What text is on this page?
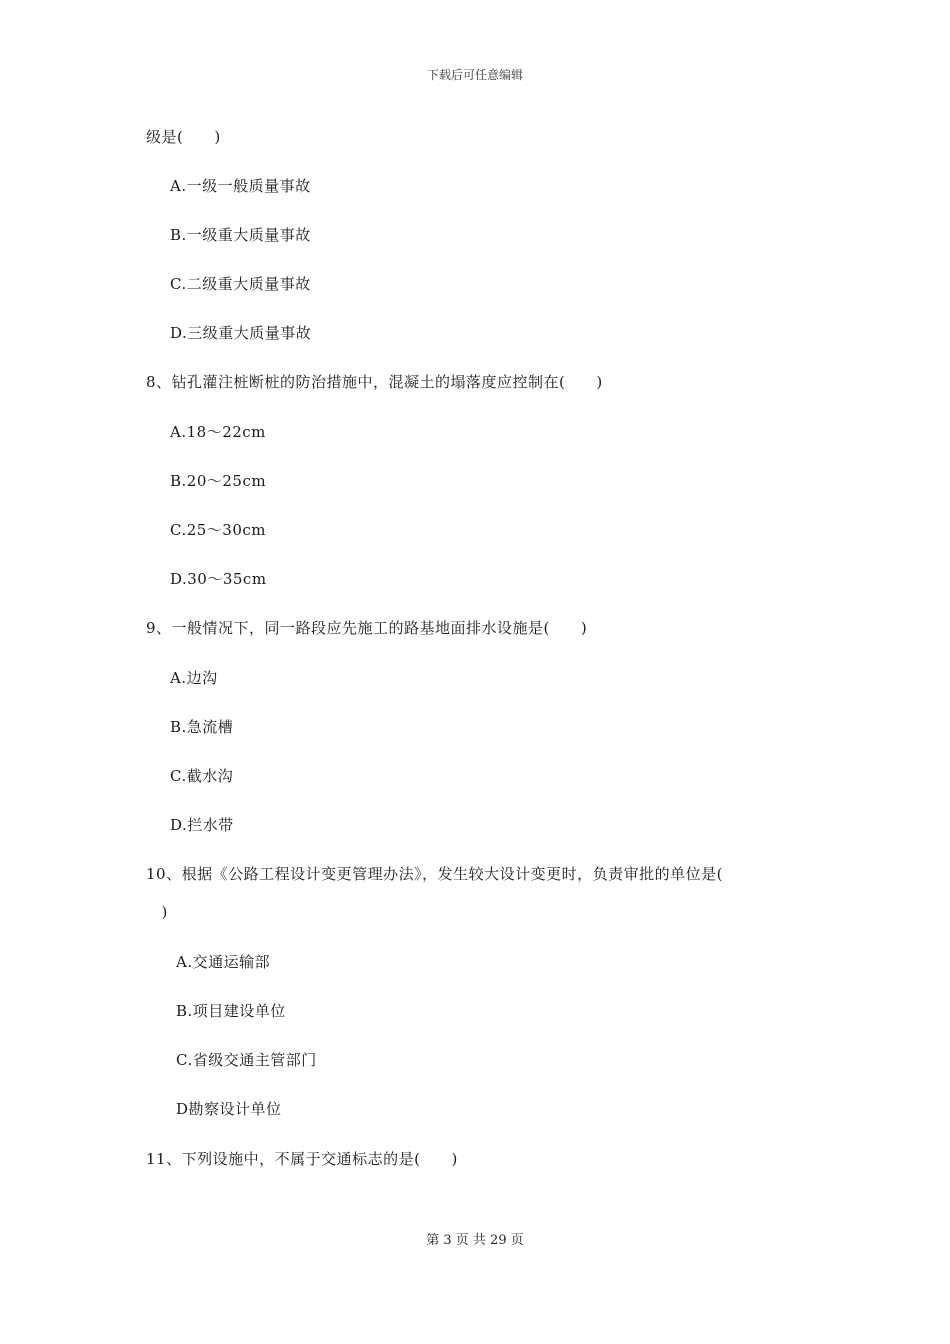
下载后可任意编辑
级是(　　)
A.一级一般质量事故
B.一级重大质量事故
C.二级重大质量事故
D.三级重大质量事故
8、钻孔灌注桩断桩的防治措施中，混凝土的塌落度应控制在(　　)
A.18～22cm
B.20～25cm
C.25～30cm
D.30～35cm
9、一般情况下，同一路段应先施工的路基地面排水设施是(　　)
A.边沟
B.急流槽
C.截水沟
D.拦水带
10、根据《公路工程设计变更管理办法》，发生较大设计变更时，负责审批的单位是(
　)
A.交通运输部
B.项目建设单位
C.省级交通主管部门
D勘察设计单位
11、下列设施中，不属于交通标志的是(　　)
第 3 页 共 29 页
